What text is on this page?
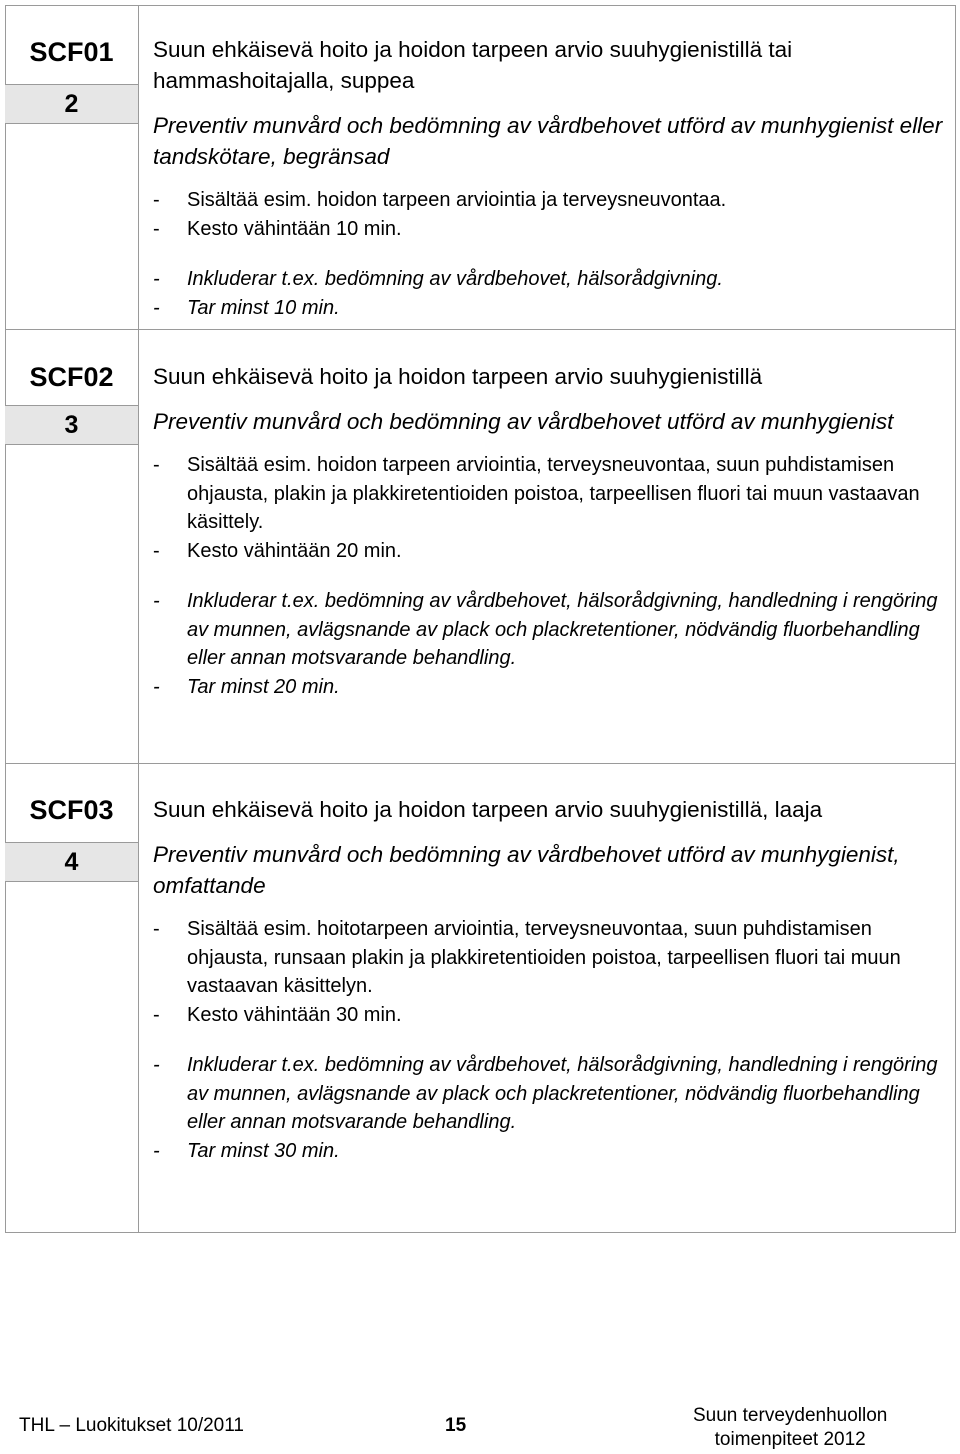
SCF01
2

Suun ehkäisevä hoito ja hoidon tarpeen arvio suuhygienistillä tai hammashoitajalla, suppea

Preventiv munvård och bedömning av vårdbehovet utförd av munhygienist eller tandskötare, begränsad

- Sisältää esim. hoidon tarpeen arviointia ja terveysneuvontaa.
- Kesto vähintään 10 min.
- Inkluderar t.ex. bedömning av vårdbehovet, hälsorådgivning.
- Tar minst 10 min.
SCF02
3

Suun ehkäisevä hoito ja hoidon tarpeen arvio suuhygienistillä

Preventiv munvård och bedömning av vårdbehovet utförd av munhygienist

- Sisältää esim. hoidon tarpeen arviointia, terveysneuvontaa, suun puhdistamisen ohjausta, plakin ja plakkiretentioiden poistoa, tarpeellisen fluori tai muun vastaavan käsittely.
- Kesto vähintään 20 min.
- Inkluderar t.ex. bedömning av vårdbehovet, hälsorådgivning, handledning i rengöring av munnen, avlägsnande av plack och plackretentioner, nödvändig fluorbehandling eller annan motsvarande behandling.
- Tar minst 20 min.
SCF03
4

Suun ehkäisevä hoito ja hoidon tarpeen arvio suuhygienistillä, laaja

Preventiv munvård och bedömning av vårdbehovet utförd av munhygienist, omfattande

- Sisältää esim. hoitotarpeen arviointia, terveysneuvontaa, suun puhdistamisen ohjausta, runsaan plakin ja plakkiretentioiden poistoa, tarpeellisen fluori tai muun vastaavan käsittelyn.
- Kesto vähintään 30 min.
- Inkluderar t.ex. bedömning av vårdbehovet, hälsorådgivning, handledning i rengöring av munnen, avlägsnande av plack och plackretentioner, nödvändig fluorbehandling eller annan motsvarande behandling.
- Tar minst 30 min.
THL – Luokitukset 10/2011	15	Suun terveydenhuollon
toimenpiteet 2012
